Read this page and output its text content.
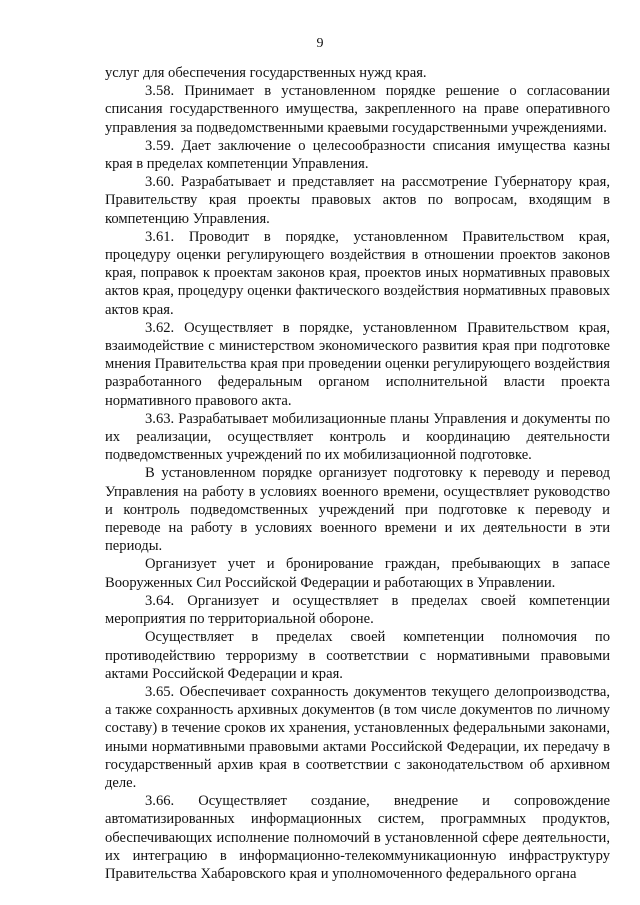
9

услуг для обеспечения государственных нужд края.

3.58. Принимает в установленном порядке решение о согласовании списания государственного имущества, закрепленного на праве оперативного управления за подведомственными краевыми государственными учреждениями.

3.59. Дает заключение о целесообразности списания имущества казны края в пределах компетенции Управления.

3.60. Разрабатывает и представляет на рассмотрение Губернатору края, Правительству края проекты правовых актов по вопросам, входящим в компетенцию Управления.

3.61. Проводит в порядке, установленном Правительством края, процедуру оценки регулирующего воздействия в отношении проектов законов края, поправок к проектам законов края, проектов иных нормативных правовых актов края, процедуру оценки фактического воздействия нормативных правовых актов края.

3.62. Осуществляет в порядке, установленном Правительством края, взаимодействие с министерством экономического развития края при подготовке мнения Правительства края при проведении оценки регулирующего воздействия разработанного федеральным органом исполнительной власти проекта нормативного правового акта.

3.63. Разрабатывает мобилизационные планы Управления и документы по их реализации, осуществляет контроль и координацию деятельности подведомственных учреждений по их мобилизационной подготовке.

В установленном порядке организует подготовку к переводу и перевод Управления на работу в условиях военного времени, осуществляет руководство и контроль подведомственных учреждений при подготовке к переводу и переводе на работу в условиях военного времени и их деятельности в эти периоды.

Организует учет и бронирование граждан, пребывающих в запасе Вооруженных Сил Российской Федерации и работающих в Управлении.

3.64. Организует и осуществляет в пределах своей компетенции мероприятия по территориальной обороне.

Осуществляет в пределах своей компетенции полномочия по противодействию терроризму в соответствии с нормативными правовыми актами Российской Федерации и края.

3.65. Обеспечивает сохранность документов текущего делопроизводства, а также сохранность архивных документов (в том числе документов по личному составу) в течение сроков их хранения, установленных федеральными законами, иными нормативными правовыми актами Российской Федерации, их передачу в государственный архив края в соответствии с законодательством об архивном деле.

3.66. Осуществляет создание, внедрение и сопровождение автоматизированных информационных систем, программных продуктов, обеспечивающих исполнение полномочий в установленной сфере деятельности, их интеграцию в информационно-телекоммуникационную инфраструктуру Правительства Хабаровского края и уполномоченного федерального органа
